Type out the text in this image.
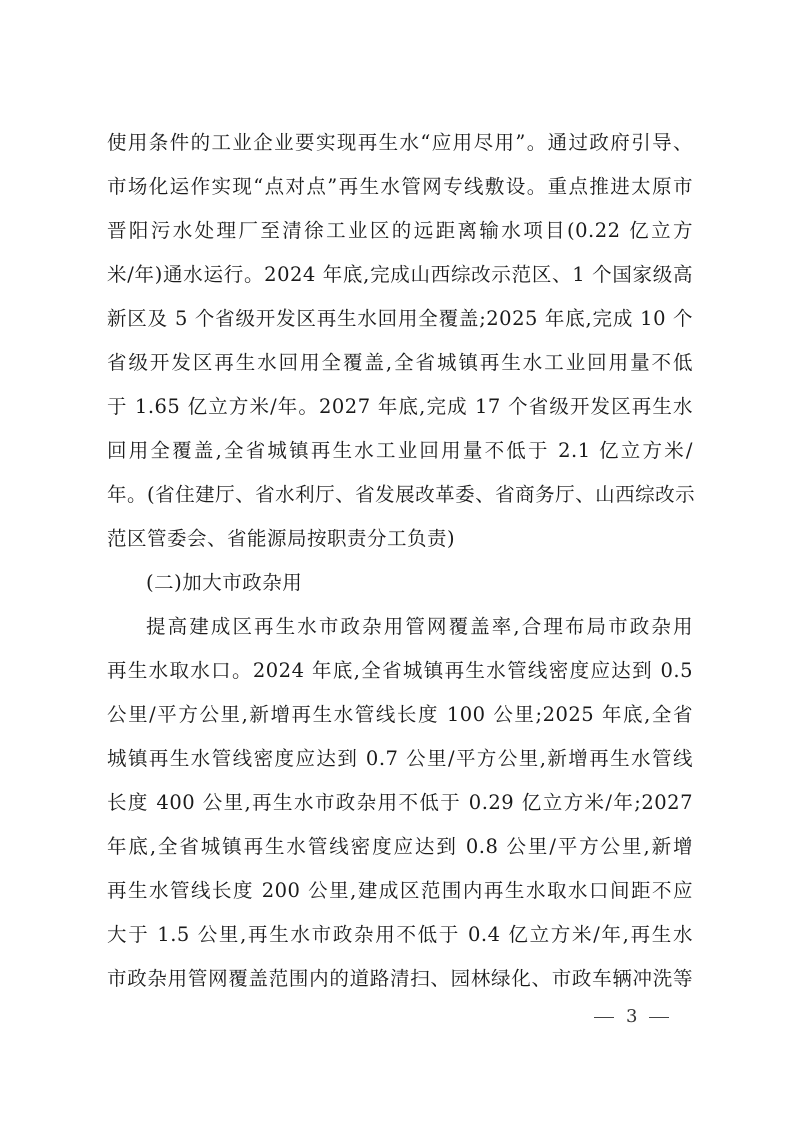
使用条件的工业企业要实现再生水“应用尽用”。通过政府引导、
市场化运作实现“点对点”再生水管网专线敷设。重点推进太原市
晋阳污水处理厂至清徐工业区的远距离输水项目(0.22 亿立方
米/年)通水运行。2024 年底,完成山西综改示范区、1 个国家级高
新区及 5 个省级开发区再生水回用全覆盖;2025 年底,完成 10 个
省级开发区再生水回用全覆盖,全省城镇再生水工业回用量不低
于 1.65 亿立方米/年。2027 年底,完成 17 个省级开发区再生水
回用全覆盖,全省城镇再生水工业回用量不低于 2.1 亿立方米/
年。(省住建厅、省水利厅、省发展改革委、省商务厅、山西综改示
范区管委会、省能源局按职责分工负责)
(二)加大市政杂用
提高建成区再生水市政杂用管网覆盖率,合理布局市政杂用
再生水取水口。2024 年底,全省城镇再生水管线密度应达到 0.5
公里/平方公里,新增再生水管线长度 100 公里;2025 年底,全省
城镇再生水管线密度应达到 0.7 公里/平方公里,新增再生水管线
长度 400 公里,再生水市政杂用不低于 0.29 亿立方米/年;2027
年底,全省城镇再生水管线密度应达到 0.8 公里/平方公里,新增
再生水管线长度 200 公里,建成区范围内再生水取水口间距不应
大于 1.5 公里,再生水市政杂用不低于 0.4 亿立方米/年,再生水
市政杂用管网覆盖范围内的道路清扫、园林绿化、市政车辆冲洗等
3
